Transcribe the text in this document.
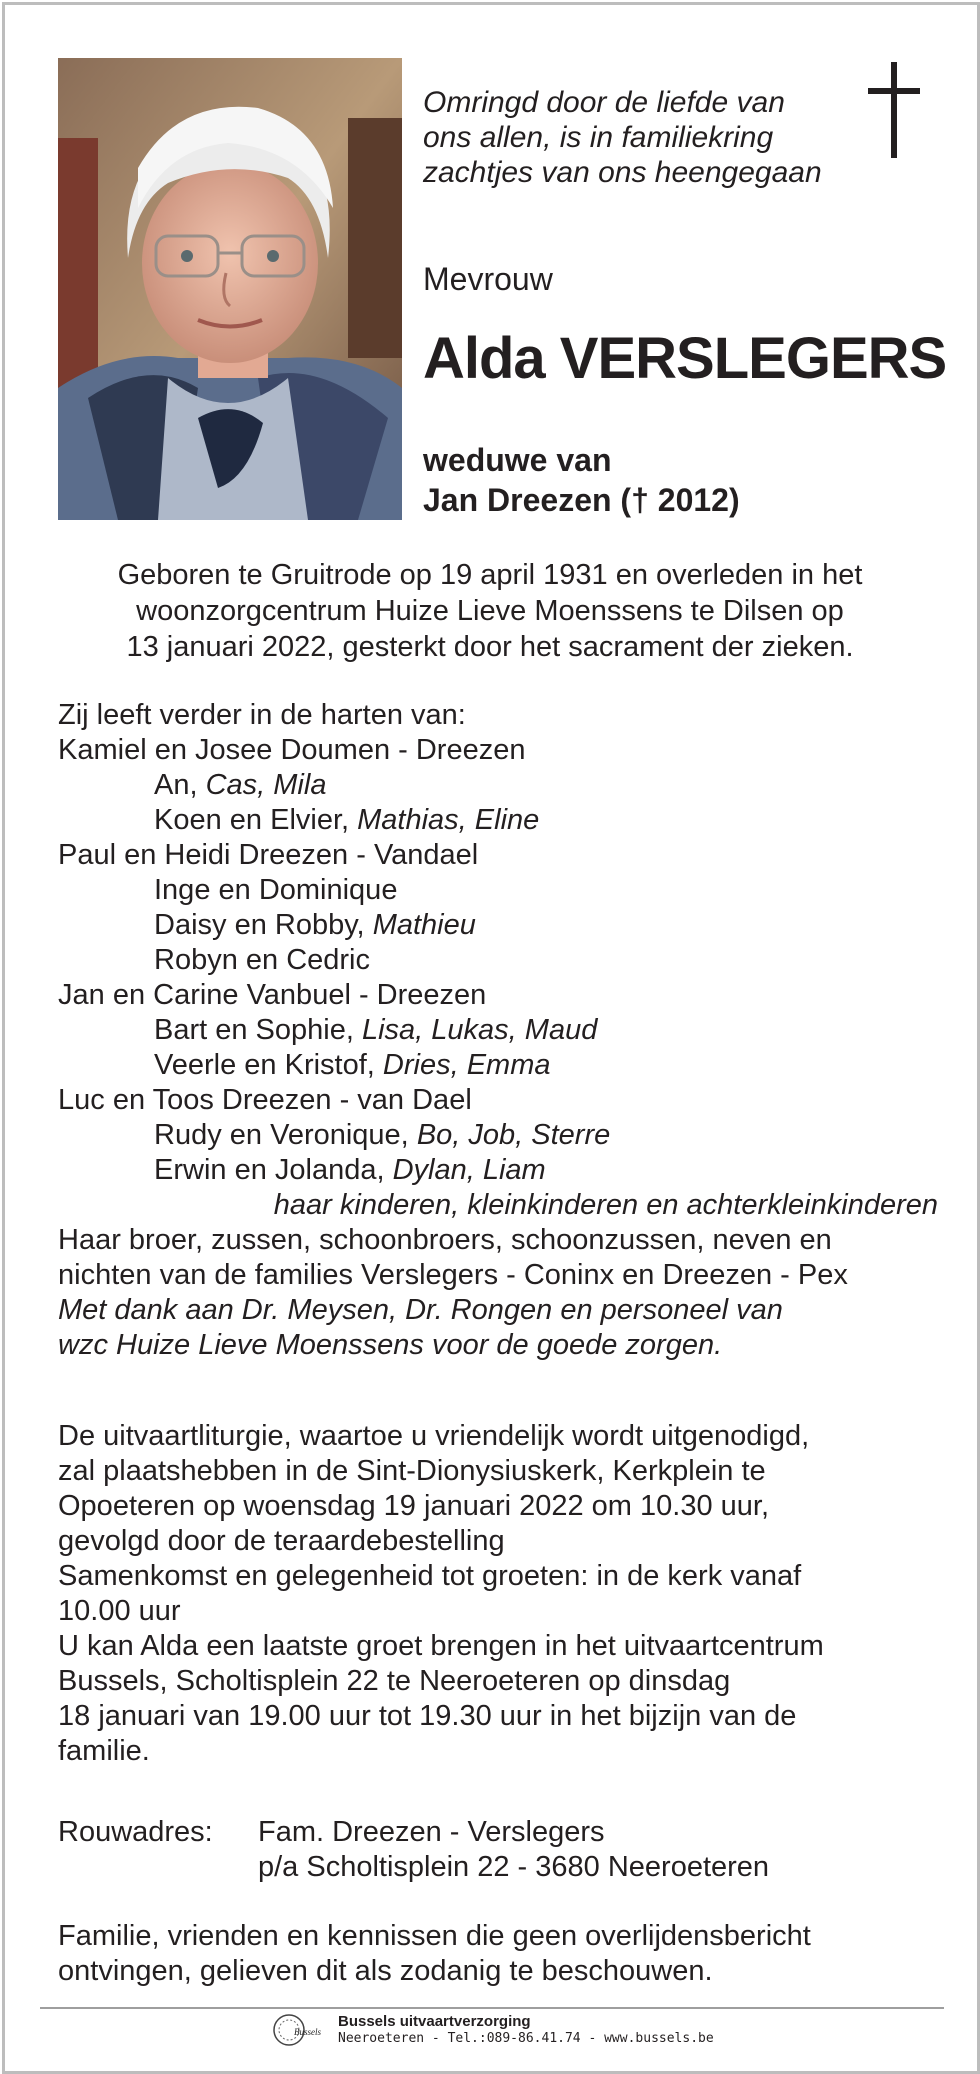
Omringd door de liefde van
ons allen, is in familiekring
zachtjes van ons heengegaan
Mevrouw
Alda VERSLEGERS
weduwe van
Jan Dreezen († 2012)
Geboren te Gruitrode op 19 april 1931 en overleden in het
woonzorgcentrum Huize Lieve Moenssens te Dilsen op
13 januari 2022, gesterkt door het sacrament der zieken.
Zij leeft verder in de harten van:
Kamiel en Josee Doumen - Dreezen
An, Cas, Mila
Koen en Elvier, Mathias, Eline
Paul en Heidi Dreezen - Vandael
Inge en Dominique
Daisy en Robby, Mathieu
Robyn en Cedric
Jan en Carine Vanbuel - Dreezen
Bart en Sophie, Lisa, Lukas, Maud
Veerle en Kristof, Dries, Emma
Luc en Toos Dreezen - van Dael
Rudy en Veronique, Bo, Job, Sterre
Erwin en Jolanda, Dylan, Liam
haar kinderen, kleinkinderen en achterkleinkinderen
Haar broer, zussen, schoonbroers, schoonzussen, neven en
nichten van de families Verslegers - Coninx en Dreezen - Pex
Met dank aan Dr. Meysen, Dr. Rongen en personeel van
wzc Huize Lieve Moenssens voor de goede zorgen.
De uitvaartliturgie, waartoe u vriendelijk wordt uitgenodigd,
zal plaatshebben in de Sint-Dionysiuskerk, Kerkplein te
Opoeteren op woensdag 19 januari 2022 om 10.30 uur,
gevolgd door de teraardebestelling
Samenkomst en gelegenheid tot groeten: in de kerk vanaf
10.00 uur
U kan Alda een laatste groet brengen in het uitvaartcentrum
Bussels, Scholtisplein 22 te Neeroeteren op dinsdag
18 januari van 19.00 uur tot 19.30 uur in het bijzijn van de
familie.
Rouwadres: Fam. Dreezen - Verslegers
p/a Scholtisplein 22 - 3680 Neeroeteren
Familie, vrienden en kennissen die geen overlijdensbericht
ontvingen, gelieven dit als zodanig te beschouwen.
Bussels
Bussels uitvaartverzorging
Neeroeteren - Tel.:089-86.41.74 - www.bussels.be
